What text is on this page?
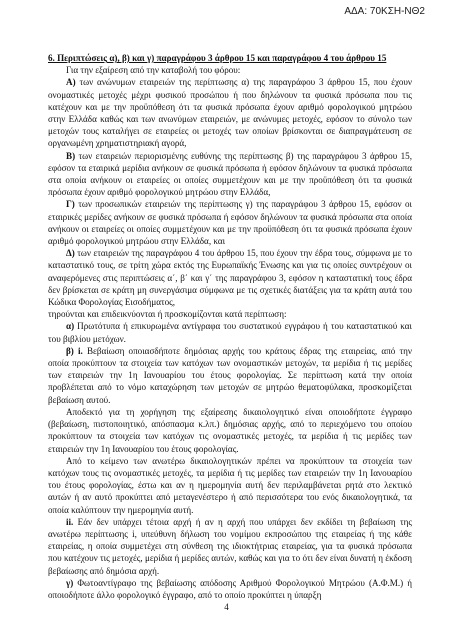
ΑΔΑ: 70ΚΣΗ-ΝΘ2

6. Περιπτώσεις α), β) και γ) παραγράφου 3 άρθρου 15 και παραγράφου 4 του άρθρου 15

Για την εξαίρεση από την καταβολή του φόρου:

Α) των ανώνυμων εταιρειών της περίπτωσης α) της παραγράφου 3 άρθρου 15, που έχουν ονομαστικές μετοχές μέχρι φυσικού προσώπου ή που δηλώνουν τα φυσικά πρόσωπα που τις κατέχουν και με την προϋπόθεση ότι τα φυσικά πρόσωπα έχουν αριθμό φορολογικού μητρώου στην Ελλάδα καθώς και των ανωνύμων εταιρειών, με ανώνυμες μετοχές, εφόσον το σύνολο των μετοχών τους καταλήγει σε εταιρείες οι μετοχές των οποίων βρίσκονται σε διαπραγμάτευση σε οργανωμένη χρηματιστηριακή αγορά,

Β) των εταιρειών περιορισμένης ευθύνης της περίπτωσης β) της παραγράφου 3 άρθρου 15, εφόσον τα εταιρικά μερίδια ανήκουν σε φυσικά πρόσωπα ή εφόσον δηλώνουν τα φυσικά πρόσωπα στα οποία ανήκουν οι εταιρείες οι οποίες συμμετέχουν και με την προϋπόθεση ότι τα φυσικά πρόσωπα έχουν αριθμό φορολογικού μητρώου στην Ελλάδα,

Γ) των προσωπικών εταιρειών της περίπτωσης γ) της παραγράφου 3 άρθρου 15, εφόσον οι εταιρικές μερίδες ανήκουν σε φυσικά πρόσωπα ή εφόσον δηλώνουν τα φυσικά πρόσωπα στα οποία ανήκουν οι εταιρείες οι οποίες συμμετέχουν και με την προϋπόθεση ότι τα φυσικά πρόσωπα έχουν αριθμό φορολογικού μητρώου στην Ελλάδα, και

Δ) των εταιρειών της παραγράφου 4 του άρθρου 15, που έχουν την έδρα τους, σύμφωνα με το καταστατικό τους, σε τρίτη χώρα εκτός της Ευρωπαϊκής Ένωσης και για τις οποίες συντρέχουν οι αναφερόμενες στις περιπτώσεις α΄, β΄ και γ΄ της παραγράφου 3, εφόσον η καταστατική τους έδρα δεν βρίσκεται σε κράτη μη συνεργάσιμα σύμφωνα με τις σχετικές διατάξεις για τα κράτη αυτά του Κώδικα Φορολογίας Εισοδήματος,

τηρούνται και επιδεικνύονται ή προσκομίζονται κατά περίπτωση:

α) Πρωτότυπα ή επικυρωμένα αντίγραφα του συστατικού εγγράφου ή του καταστατικού και του βιβλίου μετόχων.

β) i. Βεβαίωση οποιασδήποτε δημόσιας αρχής του κράτους έδρας της εταιρείας, από την οποία προκύπτουν τα στοιχεία των κατόχων των ονομαστικών μετοχών, τα μερίδια ή τις μερίδες των εταιρειών την 1η Ιανουαρίου του έτους φορολογίας. Σε περίπτωση κατά την οποία προβλέπεται από το νόμο καταχώρηση των μετοχών σε μητρώο θεματοφύλακα, προσκομίζεται βεβαίωση αυτού.

Αποδεκτό για τη χορήγηση της εξαίρεσης δικαιολογητικό είναι οποιοδήποτε έγγραφο (βεβαίωση, πιστοποιητικό, απόσπασμα κ.λπ.) δημόσιας αρχής, από το περιεχόμενο του οποίου προκύπτουν τα στοιχεία των κατόχων τις ονομαστικές μετοχές, τα μερίδια ή τις μερίδες των εταιρειών την 1η Ιανουαρίου του έτους φορολογίας.

Από το κείμενο των ανωτέρω δικαιολογητικών πρέπει να προκύπτουν τα στοιχεία των κατόχων τους τις ονομαστικές μετοχές, τα μερίδια ή τις μερίδες των εταιρειών την 1η Ιανουαρίου του έτους φορολογίας, έστω και αν η ημερομηνία αυτή δεν περιλαμβάνεται ρητά στο λεκτικό αυτών ή αν αυτό προκύπτει από μεταγενέστερο ή από περισσότερα του ενός δικαιολογητικά, τα οποία καλύπτουν την ημερομηνία αυτή.

ii. Εάν δεν υπάρχει τέτοια αρχή ή αν η αρχή που υπάρχει δεν εκδίδει τη βεβαίωση της ανωτέρω περίπτωσης i, υπεύθυνη δήλωση του νομίμου εκπροσώπου της εταιρείας ή της κάθε εταιρείας, η οποία συμμετέχει στη σύνθεση της ιδιοκτήτριας εταιρείας, για τα φυσικά πρόσωπα που κατέχουν τις μετοχές, μερίδια ή μερίδες αυτών, καθώς και για το ότι δεν είναι δυνατή η έκδοση βεβαίωσης από δημόσια αρχή.

γ) Φωτοαντίγραφο της βεβαίωσης απόδοσης Αριθμού Φορολογικού Μητρώου (Α.Φ.Μ.) ή οποιοδήποτε άλλο φορολογικό έγγραφο, από το οποίο προκύπτει η ύπαρξη

4
